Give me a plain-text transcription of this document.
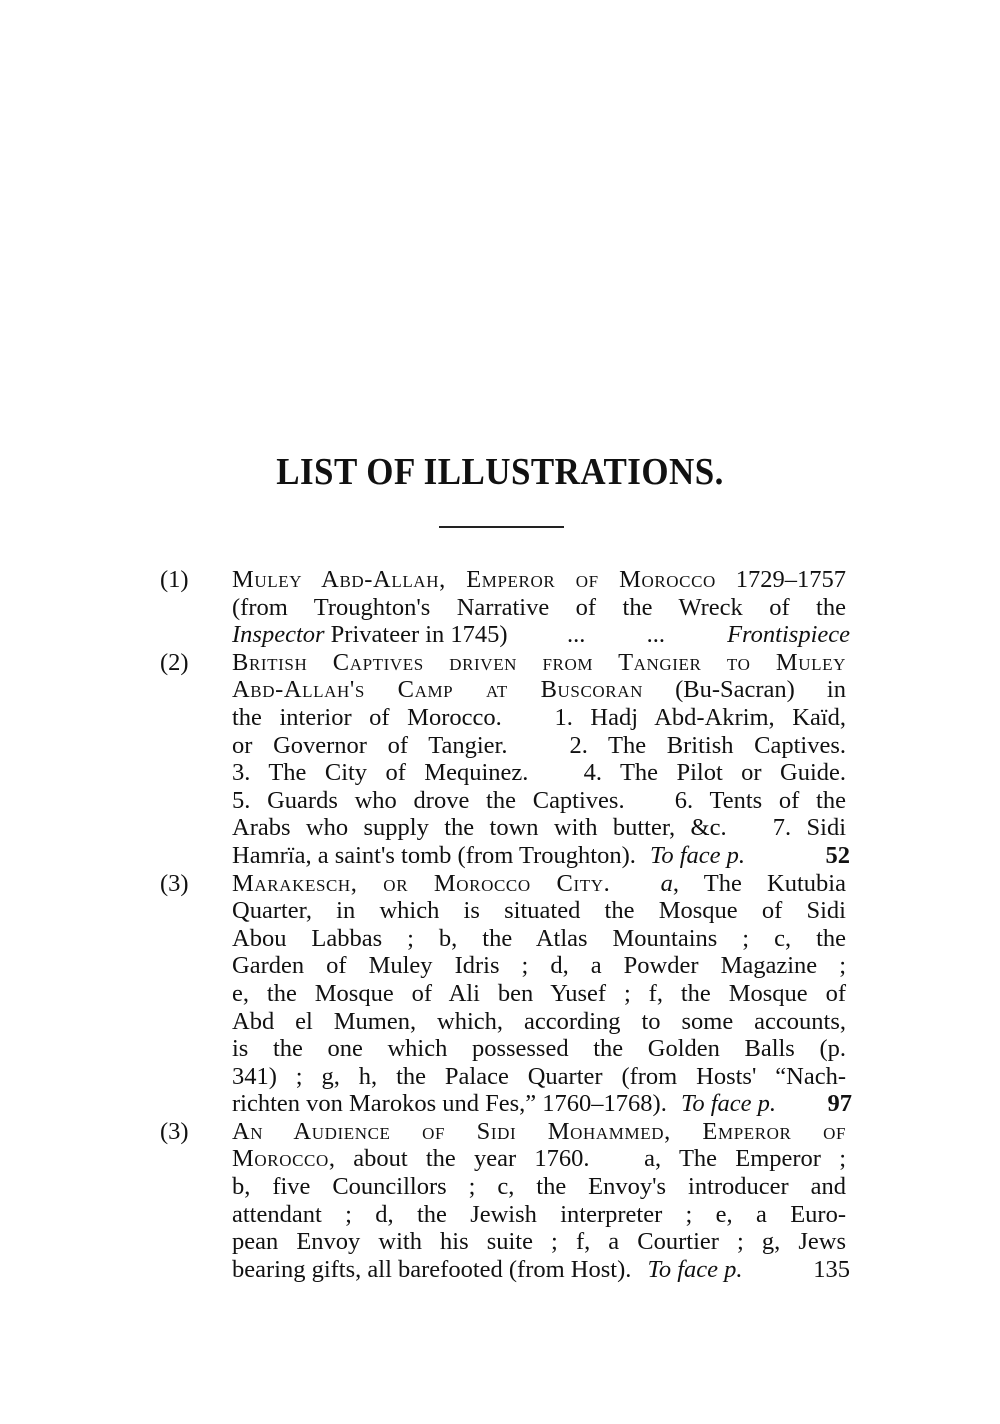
LIST OF ILLUSTRATIONS.
(1) Muley Abd-Allah, Emperor of Morocco 1729–1757
(from Troughton's Narrative of the Wreck of the
Inspector Privateer in 1745) ...          ...	Frontispiece
(2) British Captives driven from Tangier to Muley
Abd-Allah's Camp at Buscoran (Bu-Sacran) in
the interior of Morocco.   1. Hadj Abd-Akrim, Kaïd,
or Governor of Tangier.   2. The British Captives.
3. The City of Mequinez.   4. The Pilot or Guide.
5. Guards who drove the Captives.   6. Tents of the
Arabs who supply the town with butter, &c.   7. Sidi
Hamrïa, a saint's tomb (from Troughton). To face p.	52
(3) Marakesch, or Morocco City. a, The Kutubia
Quarter, in which is situated the Mosque of Sidi
Abou Labbas ; b, the Atlas Mountains ; c, the
Garden of Muley Idris ; d, a Powder Magazine ;
e, the Mosque of Ali ben Yusef ; f, the Mosque of
Abd el Mumen, which, according to some accounts,
is the one which possessed the Golden Balls (p.
341) ; g, h, the Palace Quarter (from Hosts' “Nach-
richten von Marokos und Fes,” 1760–1768). To face p. 97
(3) An Audience of Sidi Mohammed, Emperor of
Morocco, about the year 1760.   a, The Emperor ;
b, five Councillors ; c, the Envoy's introducer and
attendant ; d, the Jewish interpreter ; e, a Euro-
pean Envoy with his suite ; f, a Courtier ; g, Jews
bearing gifts, all barefooted (from Host). To face p.	135
